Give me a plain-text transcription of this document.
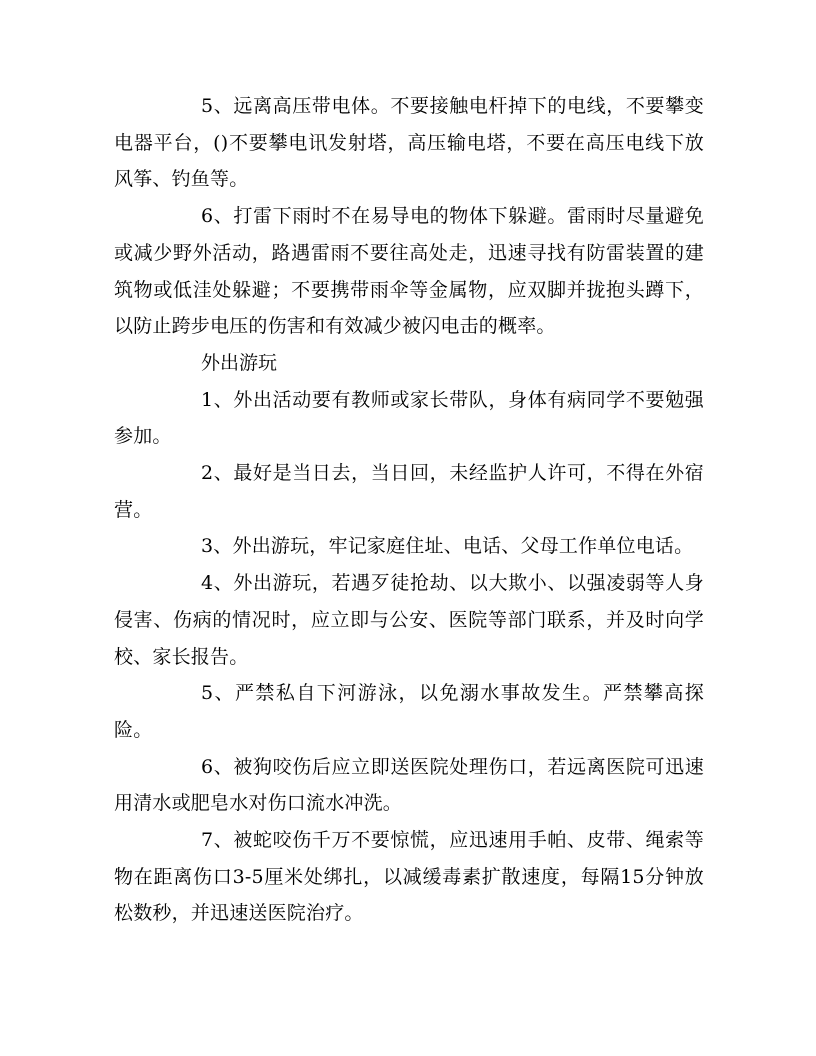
5、远离高压带电体。不要接触电杆掉下的电线，不要攀变电器平台，()不要攀电讯发射塔，高压输电塔，不要在高压电线下放风筝、钓鱼等。

6、打雷下雨时不在易导电的物体下躲避。雷雨时尽量避免或减少野外活动，路遇雷雨不要往高处走，迅速寻找有防雷装置的建筑物或低洼处躲避；不要携带雨伞等金属物，应双脚并拢抱头蹲下，以防止跨步电压的伤害和有效减少被闪电击的概率。

外出游玩

1、外出活动要有教师或家长带队，身体有病同学不要勉强参加。

2、最好是当日去，当日回，未经监护人许可，不得在外宿营。

3、外出游玩，牢记家庭住址、电话、父母工作单位电话。

4、外出游玩，若遇歹徒抢劫、以大欺小、以强凌弱等人身侵害、伤病的情况时，应立即与公安、医院等部门联系，并及时向学校、家长报告。

5、严禁私自下河游泳，以免溺水事故发生。严禁攀高探险。

6、被狗咬伤后应立即送医院处理伤口，若远离医院可迅速用清水或肥皂水对伤口流水冲洗。

7、被蛇咬伤千万不要惊慌，应迅速用手帕、皮带、绳索等物在距离伤口3-5厘米处绑扎，以减缓毒素扩散速度，每隔15分钟放松数秒，并迅速送医院治疗。
